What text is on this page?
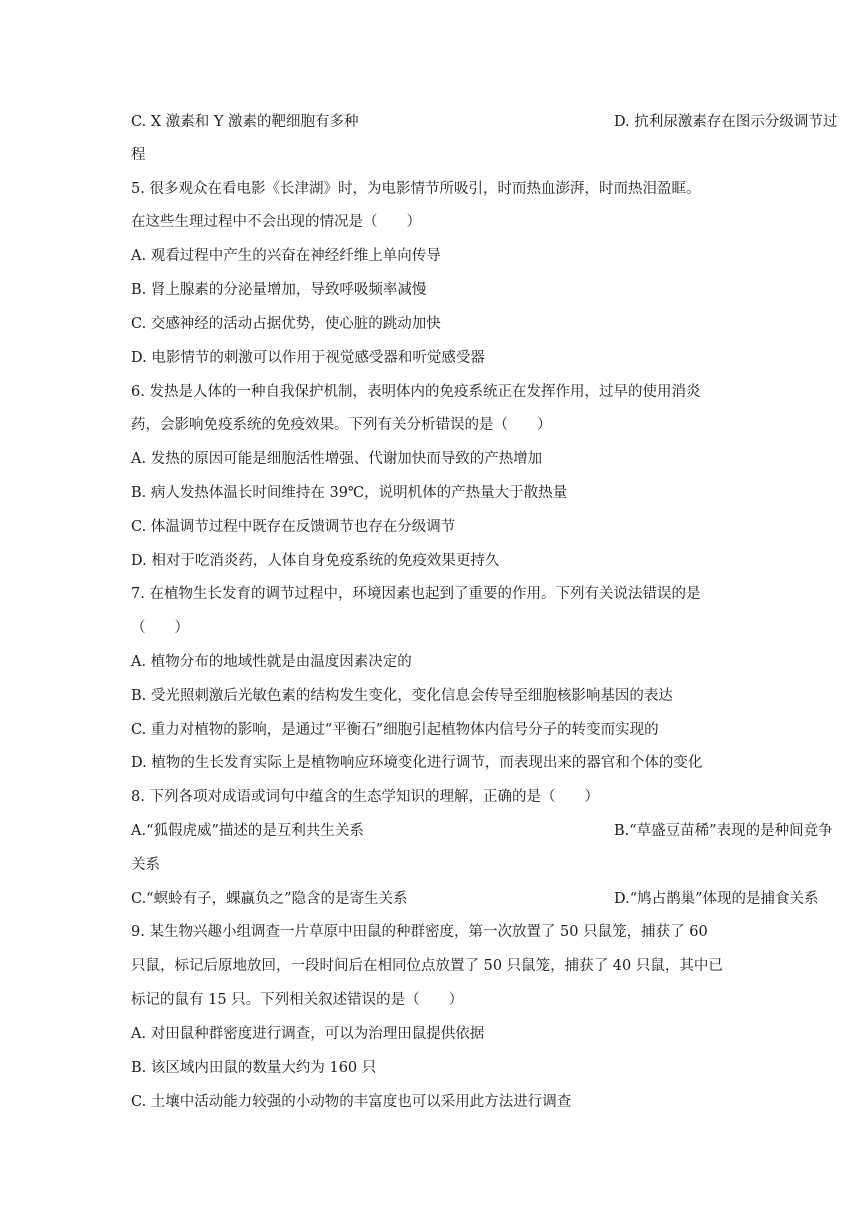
C. X 激素和 Y 激素的靶细胞有多种	D. 抗利尿激素存在图示分级调节过
程
5. 很多观众在看电影《长津湖》时，为电影情节所吸引，时而热血澎湃，时而热泪盈眶。
在这些生理过程中不会出现的情况是（　　）
A. 观看过程中产生的兴奋在神经纤维上单向传导
B. 肾上腺素的分泌量增加，导致呼吸频率减慢
C. 交感神经的活动占据优势，使心脏的跳动加快
D. 电影情节的刺激可以作用于视觉感受器和听觉感受器
6. 发热是人体的一种自我保护机制，表明体内的免疫系统正在发挥作用，过早的使用消炎
药，会影响免疫系统的免疫效果。下列有关分析错误的是（　　）
A. 发热的原因可能是细胞活性增强、代谢加快而导致的产热增加
B. 病人发热体温长时间维持在 39℃，说明机体的产热量大于散热量
C. 体温调节过程中既存在反馈调节也存在分级调节
D. 相对于吃消炎药，人体自身免疫系统的免疫效果更持久
7. 在植物生长发育的调节过程中，环境因素也起到了重要的作用。下列有关说法错误的是
（　　）
A. 植物分布的地域性就是由温度因素决定的
B. 受光照刺激后光敏色素的结构发生变化，变化信息会传导至细胞核影响基因的表达
C. 重力对植物的影响，是通过“平衡石”细胞引起植物体内信号分子的转变而实现的
D. 植物的生长发育实际上是植物响应环境变化进行调节，而表现出来的器官和个体的变化
8. 下列各项对成语或词句中蕴含的生态学知识的理解，正确的是（　　）
A.“狐假虎威”描述的是互利共生关系	B.“草盛豆苗稀”表现的是种间竞争
关系
C.“螟蛉有子，蜾蠃负之”隐含的是寄生关系	D.“鸠占鹊巢”体现的是捕食关系
9. 某生物兴趣小组调查一片草原中田鼠的种群密度，第一次放置了 50 只鼠笼，捕获了 60
只鼠，标记后原地放回，一段时间后在相同位点放置了 50 只鼠笼，捕获了 40 只鼠，其中已
标记的鼠有 15 只。下列相关叙述错误的是（　　）
A. 对田鼠种群密度进行调查，可以为治理田鼠提供依据
B. 该区域内田鼠的数量大约为 160 只
C. 土壤中活动能力较强的小动物的丰富度也可以采用此方法进行调查
